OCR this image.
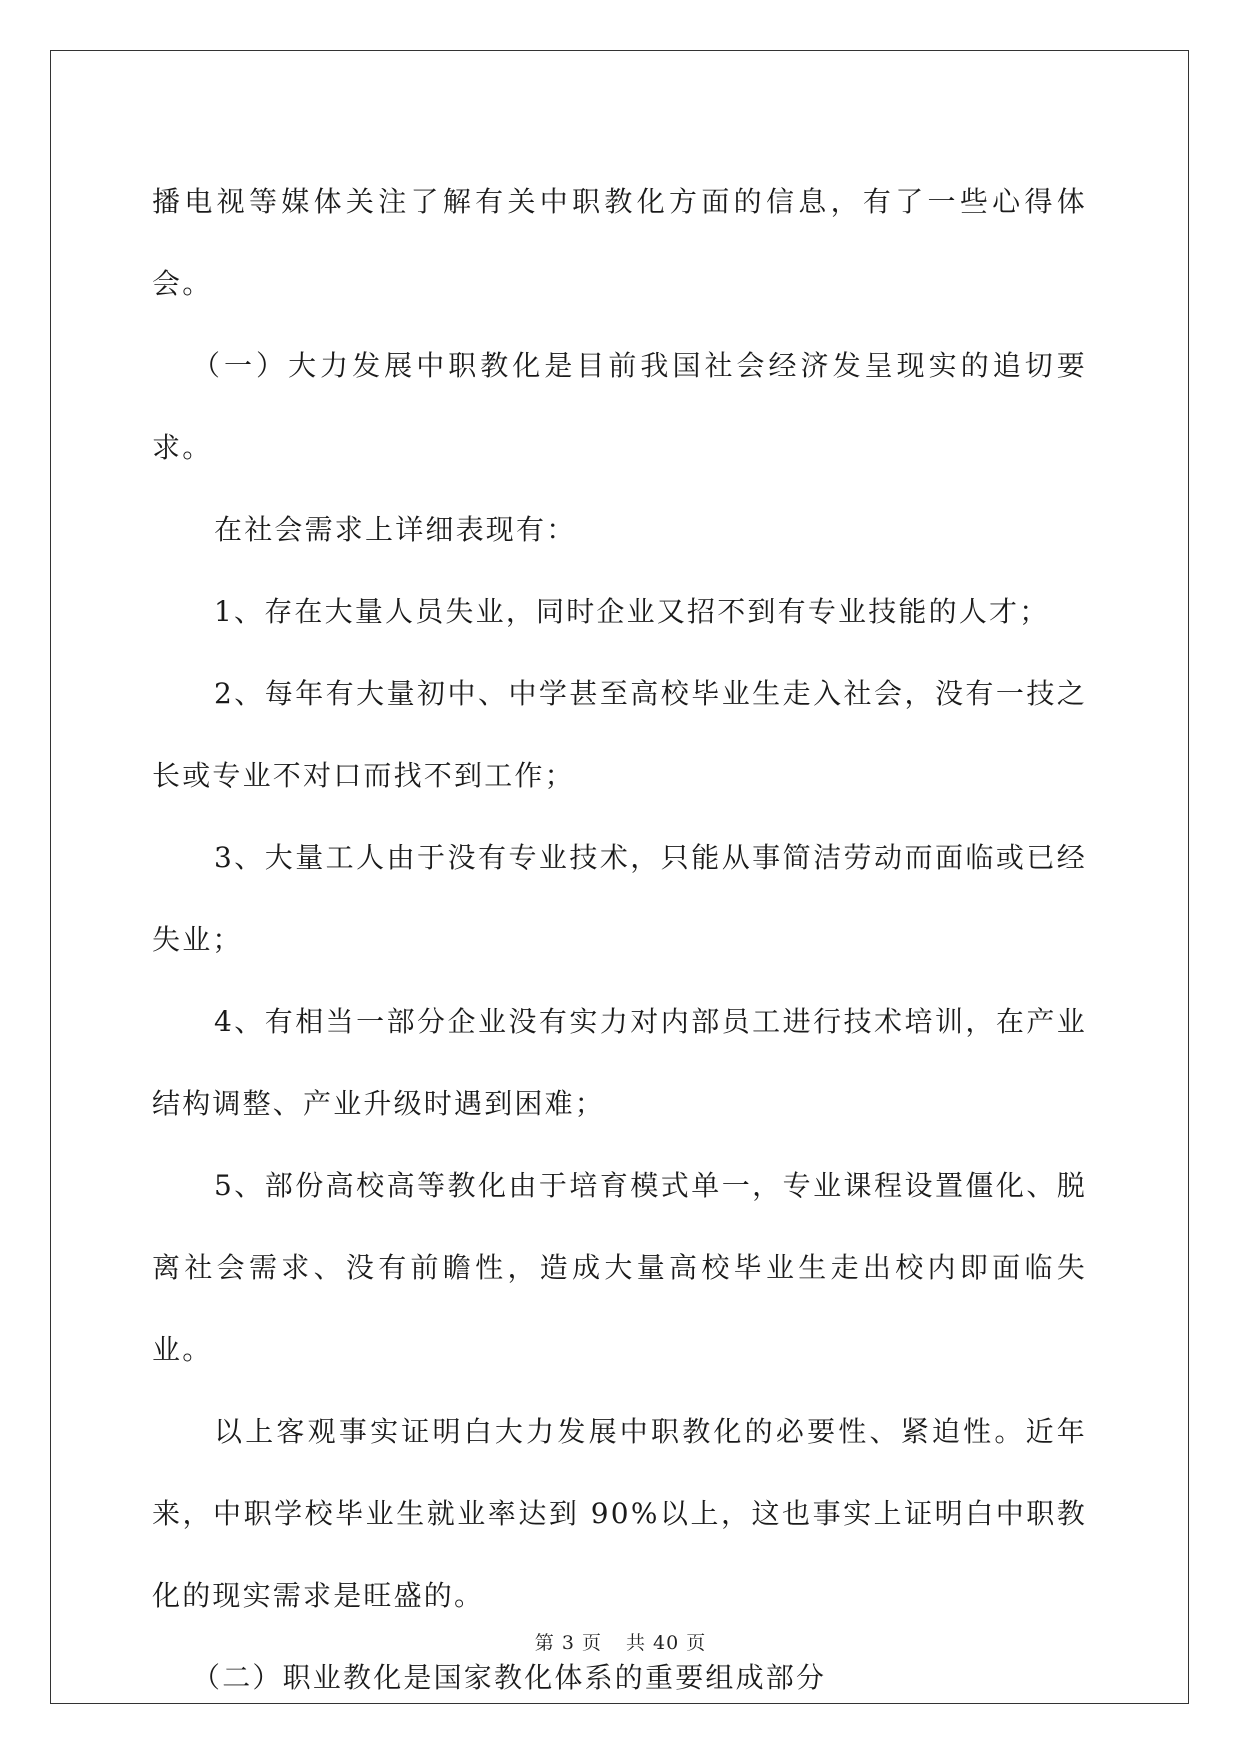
播电视等媒体关注了解有关中职教化方面的信息，有了一些心得体会。

（一）大力发展中职教化是目前我国社会经济发呈现实的追切要求。

在社会需求上详细表现有：

1、存在大量人员失业，同时企业又招不到有专业技能的人才；

2、每年有大量初中、中学甚至高校毕业生走入社会，没有一技之长或专业不对口而找不到工作；

3、大量工人由于没有专业技术，只能从事简洁劳动而面临或已经失业；

4、有相当一部分企业没有实力对内部员工进行技术培训，在产业结构调整、产业升级时遇到困难；

5、部份高校高等教化由于培育模式单一，专业课程设置僵化、脱离社会需求、没有前瞻性，造成大量高校毕业生走出校内即面临失业。

以上客观事实证明白大力发展中职教化的必要性、紧迫性。近年来，中职学校毕业生就业率达到 90%以上，这也事实上证明白中职教化的现实需求是旺盛的。

（二）职业教化是国家教化体系的重要组成部分

第 3 页 共 40 页
